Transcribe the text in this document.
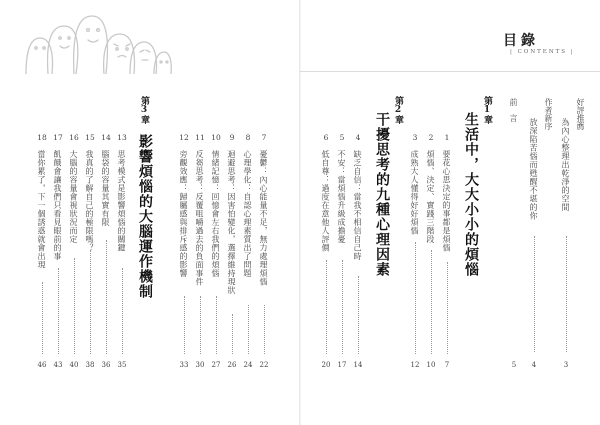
目錄
| CONTENTS |
好評推薦
為內心整理出乾淨的空間
3
作者新序
放深陷苦惱而甦醒不堪的你
4
前　言
5
第1章
生活中，大大小小的煩惱
1
要花心思決定的事都是煩惱
7
2
煩惱、決定、實踐三階段
10
3
成熟大人懂得好好煩惱
12
第2章
干擾思考的九種心理因素
4
缺乏自信：當我不相信自己時
14
5
不安：當煩惱升級成擔憂
17
6
低自尊：過度在意他人評價
20
7
憂鬱：內心能量不足，無力處理煩惱
22
8
心理學化：自認心理素質出了問題
24
9
迴避思考：因害怕變化，選擇維持現狀
26
10
情緒記憶：回憶會左右我們的煩惱
27
11
反芻思考：反覆咀嚼過去的負面事件
30
12
旁觀效應：歸屬感與排斥感的影響
33
第3章
影響煩惱的大腦運作機制
13
思考模式是影響煩惱的關鍵
35
14
腦袋的容量其實有限
36
15
我真的了解自己的極限嗎？
38
16
大腦的容量會視狀況而定
40
17
飢餓會讓我們只看見眼前的事
43
18
當你累了，下一個誘惑就會出現
46
